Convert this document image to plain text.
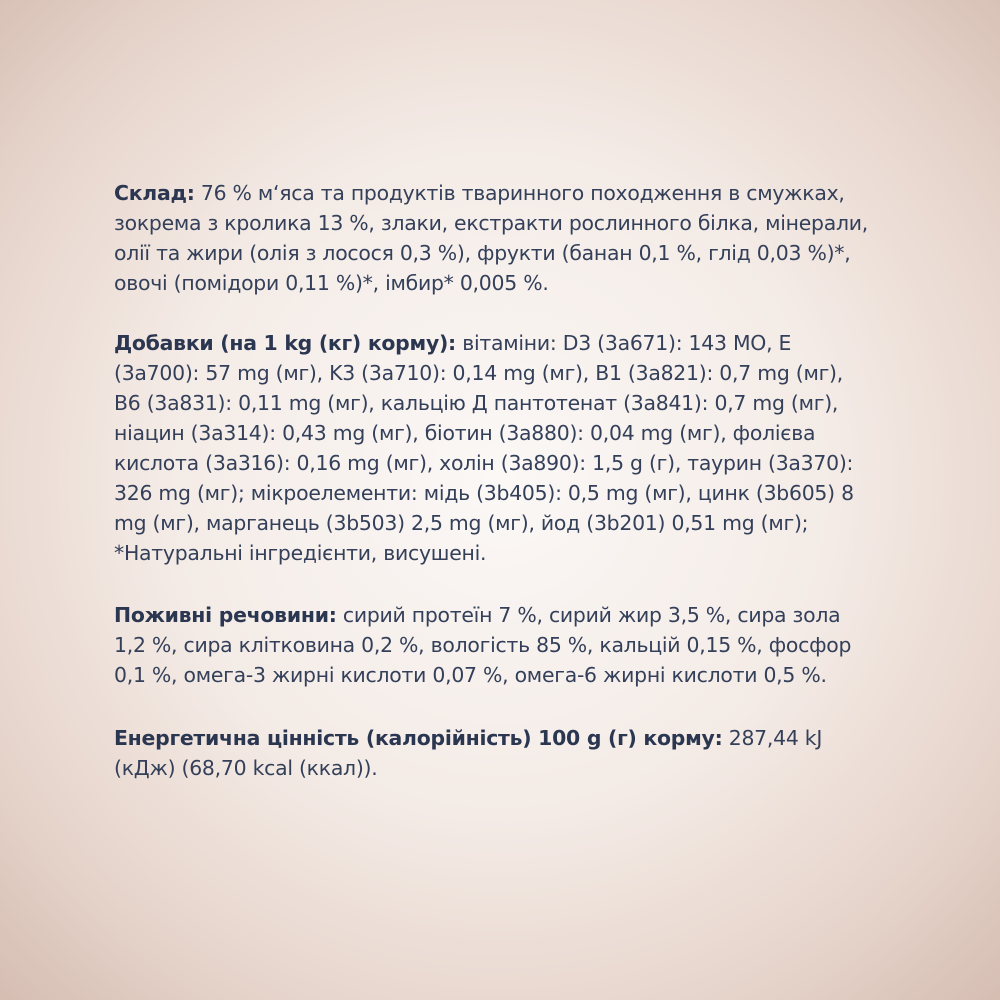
Склад: 76 % м‘яса та продуктів тваринного походження в смужках, зокрема з кролика 13 %, злаки, екстракти рослинного білка, мінерали, олії та жири (олія з лосося 0,3 %), фрукти (банан 0,1 %, глід 0,03 %)*, овочі (помідори 0,11 %)*, імбир* 0,005 %.

Добавки (на 1 kg (кг) корму): вітаміни: D3 (3a671): 143 МО, E (3a700): 57 mg (мг), K3 (3a710): 0,14 mg (мг), B1 (3a821): 0,7 mg (мг), B6 (3a831): 0,11 mg (мг), кальцію Д пантотенат (3a841): 0,7 mg (мг), ніацин (3a314): 0,43 mg (мг), біотин (3a880): 0,04 mg (мг), фолієва кислота (3a316): 0,16 mg (мг), холін (3a890): 1,5 g (г), таурин (3a370): 326 mg (мг); мікроелементи: мідь (3b405): 0,5 mg (мг), цинк (3b605) 8 mg (мг), марганець (3b503) 2,5 mg (мг), йод (3b201) 0,51 mg (мг); *Натуральні інгредієнти, висушені.

Поживні речовини: сирий протеїн 7 %, сирий жир 3,5 %, сира зола 1,2 %, сира клітковина 0,2 %, вологість 85 %, кальцій 0,15 %, фосфор 0,1 %, омега-3 жирні кислоти 0,07 %, омега-6 жирні кислоти 0,5 %.

Енергетична цінність (калорійність) 100 g (г) корму: 287,44 kJ (кДж) (68,70 kcal (ккал)).
